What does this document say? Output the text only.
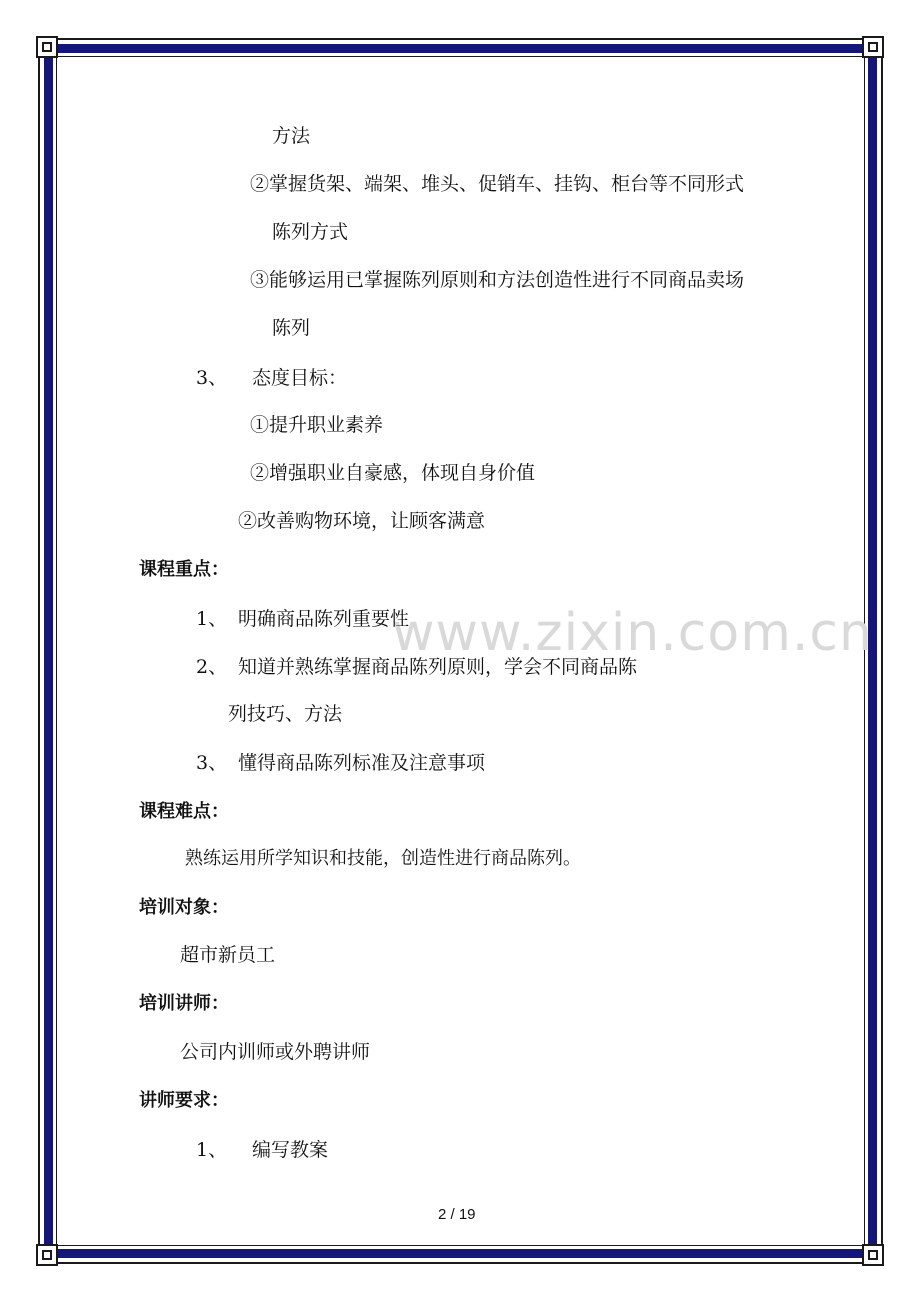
www.zixin.com.cn
方法
②掌握货架、端架、堆头、促销车、挂钩、柜台等不同形式
陈列方式
③能够运用已掌握陈列原则和方法创造性进行不同商品卖场
陈列
3、 态度目标：
①提升职业素养
②增强职业自豪感，体现自身价值
②改善购物环境，让顾客满意
课程重点：
1、 明确商品陈列重要性
2、 知道并熟练掌握商品陈列原则，学会不同商品陈
列技巧、方法
3、 懂得商品陈列标准及注意事项
课程难点：
熟练运用所学知识和技能，创造性进行商品陈列。
培训对象：
超市新员工
培训讲师：
公司内训师或外聘讲师
讲师要求：
1、 编写教案
2 / 19
